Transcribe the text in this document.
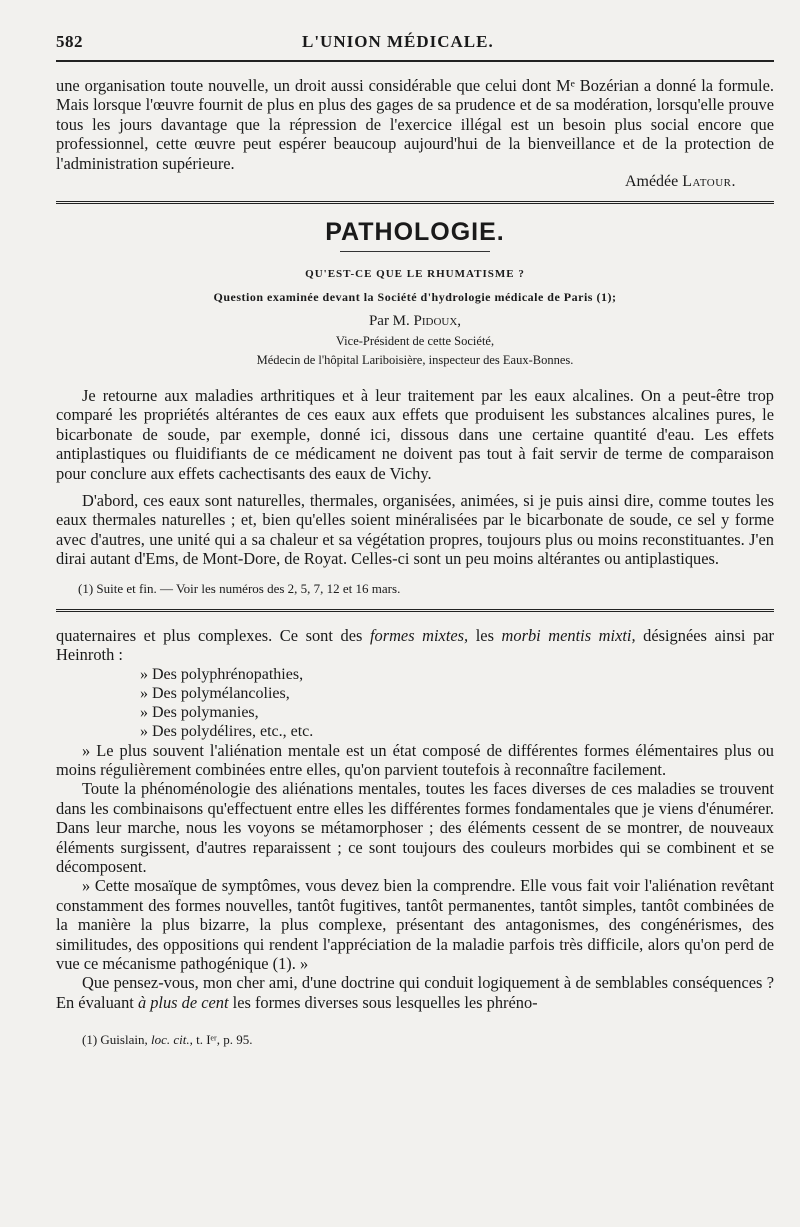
582	L'UNION MÉDICALE.

une organisation toute nouvelle, un droit aussi considérable que celui dont Mᵉ Bozérian a donné la formule. Mais lorsque l'œuvre fournit de plus en plus des gages de sa prudence et de sa modération, lorsqu'elle prouve tous les jours davantage que la répression de l'exercice illégal est un besoin plus social encore que professionnel, cette œuvre peut espérer beaucoup aujourd'hui de la bienveillance et de la protection de l'administration supérieure.

Amédée Latour.
PATHOLOGIE.
QU'EST-CE QUE LE RHUMATISME ?
Question examinée devant la Société d'hydrologie médicale de Paris (1);
Par M. Pidoux,
Vice-Président de cette Société,
Médecin de l'hôpital Lariboisière, inspecteur des Eaux-Bonnes.

Je retourne aux maladies arthritiques et à leur traitement par les eaux alcalines. On a peut-être trop comparé les propriétés altérantes de ces eaux aux effets que produisent les substances alcalines pures, le bicarbonate de soude, par exemple, donné ici, dissous dans une certaine quantité d'eau. Les effets antiplastiques ou fluidifiants de ce médicament ne doivent pas tout à fait servir de terme de comparaison pour conclure aux effets cachectisants des eaux de Vichy.

D'abord, ces eaux sont naturelles, thermales, organisées, animées, si je puis ainsi dire, comme toutes les eaux thermales naturelles ; et, bien qu'elles soient minéralisées par le bicarbonate de soude, ce sel y forme avec d'autres, une unité qui a sa chaleur et sa végétation propres, toujours plus ou moins reconstituantes. J'en dirai autant d'Ems, de Mont-Dore, de Royat. Celles-ci sont un peu moins altérantes ou antiplastiques.

(1) Suite et fin. — Voir les numéros des 2, 5, 7, 12 et 16 mars.

quaternaires et plus complexes. Ce sont des formes mixtes, les morbi mentis mixti, désignées ainsi par Heinroth :

» Des polyphrénopathies,
» Des polymélancolies,
» Des polymanies,
» Des polydélires, etc., etc.

» Le plus souvent l'aliénation mentale est un état composé de différentes formes élémentaires plus ou moins régulièrement combinées entre elles, qu'on parvient toutefois à reconnaître facilement.

Toute la phénoménologie des aliénations mentales, toutes les faces diverses de ces maladies se trouvent dans les combinaisons qu'effectuent entre elles les différentes formes fondamentales que je viens d'énumérer. Dans leur marche, nous les voyons se métamorphoser ; des éléments cessent de se montrer, de nouveaux éléments surgissent, d'autres reparaissent ; ce sont toujours des couleurs morbides qui se combinent et se décomposent.

» Cette mosaïque de symptômes, vous devez bien la comprendre. Elle vous fait voir l'aliénation revêtant constamment des formes nouvelles, tantôt fugitives, tantôt permanentes, tantôt simples, tantôt combinées de la manière la plus bizarre, la plus complexe, présentant des antagonismes, des congénérismes, des similitudes, des oppositions qui rendent l'appréciation de la maladie parfois très difficile, alors qu'on perd de vue ce mécanisme pathogénique (1). »

Que pensez-vous, mon cher ami, d'une doctrine qui conduit logiquement à de semblables conséquences ? En évaluant à plus de cent les formes diverses sous lesquelles les phréno-

(1) Guislain, loc. cit., t. Iᵉʳ, p. 95.
